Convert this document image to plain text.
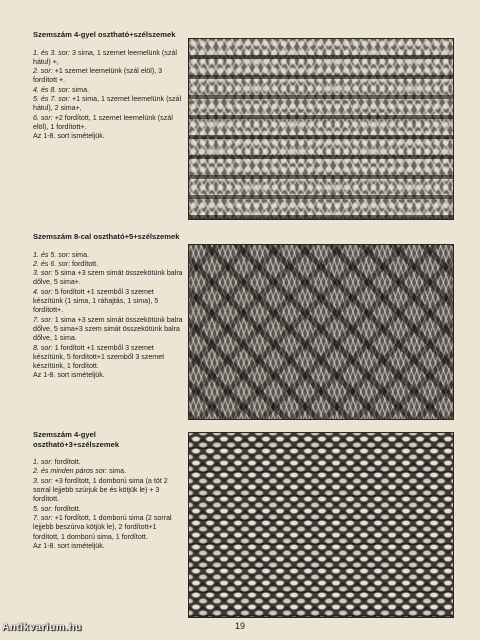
Szemszám 4-gyel osztható+szélszemek

1. és 3. sor: 3 sima, 1 szemet leemelünk (szál hátul) +,

2. sor: +1 szemet leemelünk (szál elöl), 3 fordított +.

4. és 8. sor: sima.

5. és 7. sor: +1 sima, 1 szemet leemelünk (szál hátul), 2 sima+,

6. sor: +2 fordított, 1 szemet leemelünk (szál elöl), 1 fordított+.

Az 1-8. sort ismételjük.

Szemszám 8-cal osztható+5+szélszemek

1. és 5. sor: sima.

2. és 6. sor: fordított.

3. sor: 5 sima +3 szem simát összekötünk balra dőlve, 5 sima+.

4. sor: 5 fordított +1 szemből 3 szemet készítünk (1 sima, 1 ráhajtás, 1 sima), 5 fordított+.

7. sor: 1 sima +3 szem simát összekötünk balra dőlve, 5 sima+3 szem simát összekötünk balra dőlve, 1 sima.

8. sor: 1 fordított +1 szemből 3 szemet készítünk, 5 fordított+1 szemből 3 szemet készítünk, 1 fordított.

Az 1-8. sort ismételjük.

Szemszám 4-gyel osztható+3+szélszemek

1. sor: fordított.

2. és minden páros sor: sima.

3. sor: +3 fordított, 1 domború sima (a töt 2 sorral lejjebb szúrjuk be és kötjük le) + 3 fordított.

5. sor: fordított.

7. sor: +1 fordított, 1 domború sima (2 sorral lejjebb beszúrva kötjük le), 2 fordított+1 fordított, 1 domború sima, 1 fordított.

Az 1-8. sort ismételjük.

19
Antikvarium.hu
